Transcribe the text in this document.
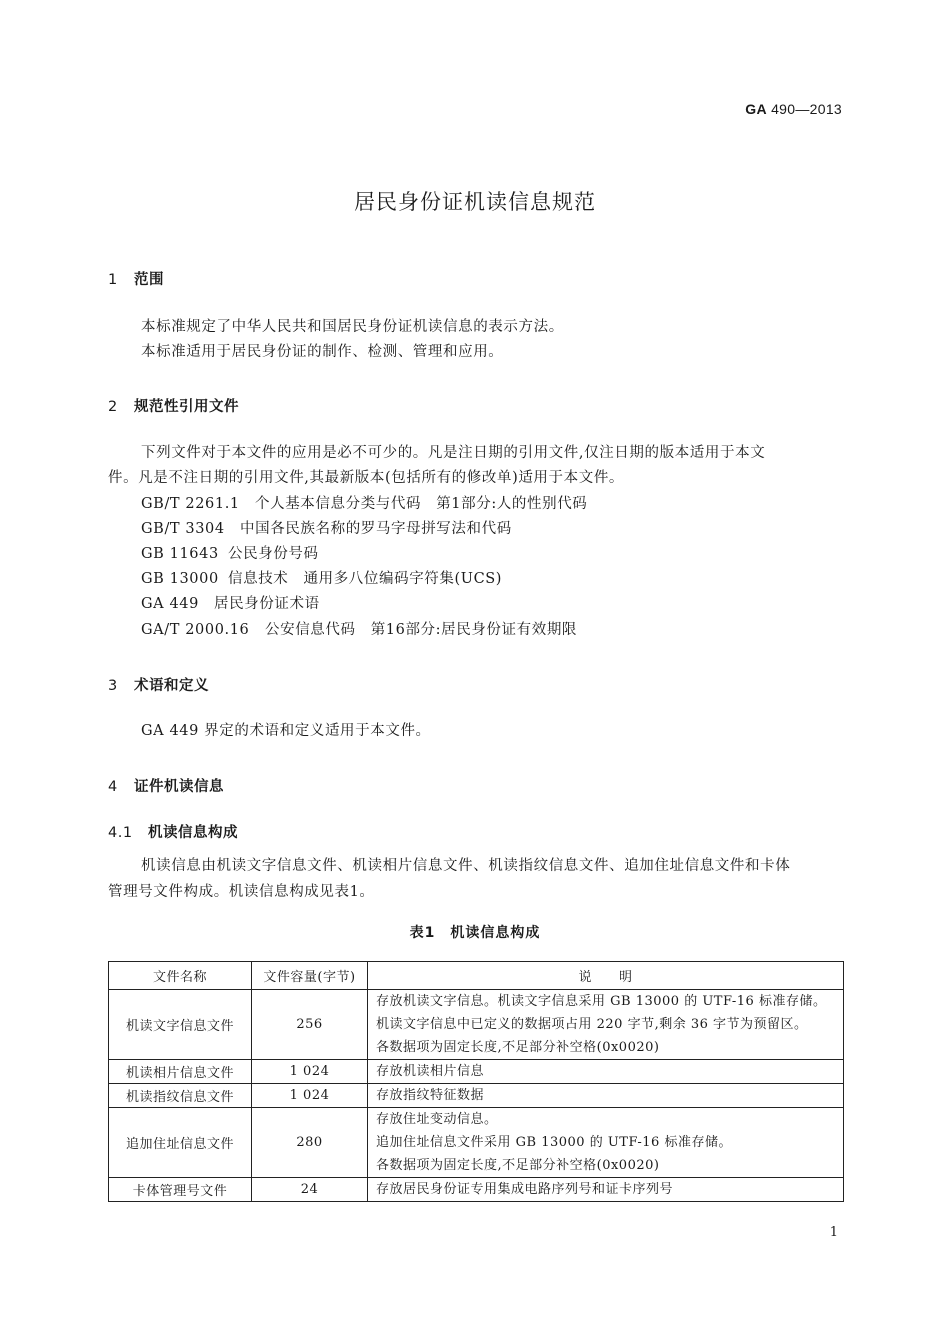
GA 490—2013
居民身份证机读信息规范
1 范围
本标准规定了中华人民共和国居民身份证机读信息的表示方法。
本标准适用于居民身份证的制作、检测、管理和应用。
2 规范性引用文件
下列文件对于本文件的应用是必不可少的。凡是注日期的引用文件,仅注日期的版本适用于本文
件。凡是不注日期的引用文件,其最新版本(包括所有的修改单)适用于本文件。
GB/T 2261.1 个人基本信息分类与代码　第1部分:人的性别代码
GB/T 3304 中国各民族名称的罗马字母拼写法和代码
GB 11643 公民身份号码
GB 13000 信息技术　通用多八位编码字符集(UCS)
GA 449 居民身份证术语
GA/T 2000.16 公安信息代码　第16部分:居民身份证有效期限
3 术语和定义
GA 449 界定的术语和定义适用于本文件。
4 证件机读信息
4.1 机读信息构成
机读信息由机读文字信息文件、机读相片信息文件、机读指纹信息文件、追加住址信息文件和卡体
管理号文件构成。机读信息构成见表1。
表1　机读信息构成
文件名称	文件容量(字节)	说　　明
机读文字信息文件	256	存放机读文字信息。机读文字信息采用 GB 13000 的 UTF-16 标准存储。
机读文字信息中已定义的数据项占用 220 字节,剩余 36 字节为预留区。
各数据项为固定长度,不足部分补空格(0x0020)

机读相片信息文件	1 024	存放机读相片信息

机读指纹信息文件	1 024	存放指纹特征数据

追加住址信息文件	280	存放住址变动信息。
追加住址信息文件采用 GB 13000 的 UTF-16 标准存储。
各数据项为固定长度,不足部分补空格(0x0020)

卡体管理号文件	24	存放居民身份证专用集成电路序列号和证卡序列号
1
